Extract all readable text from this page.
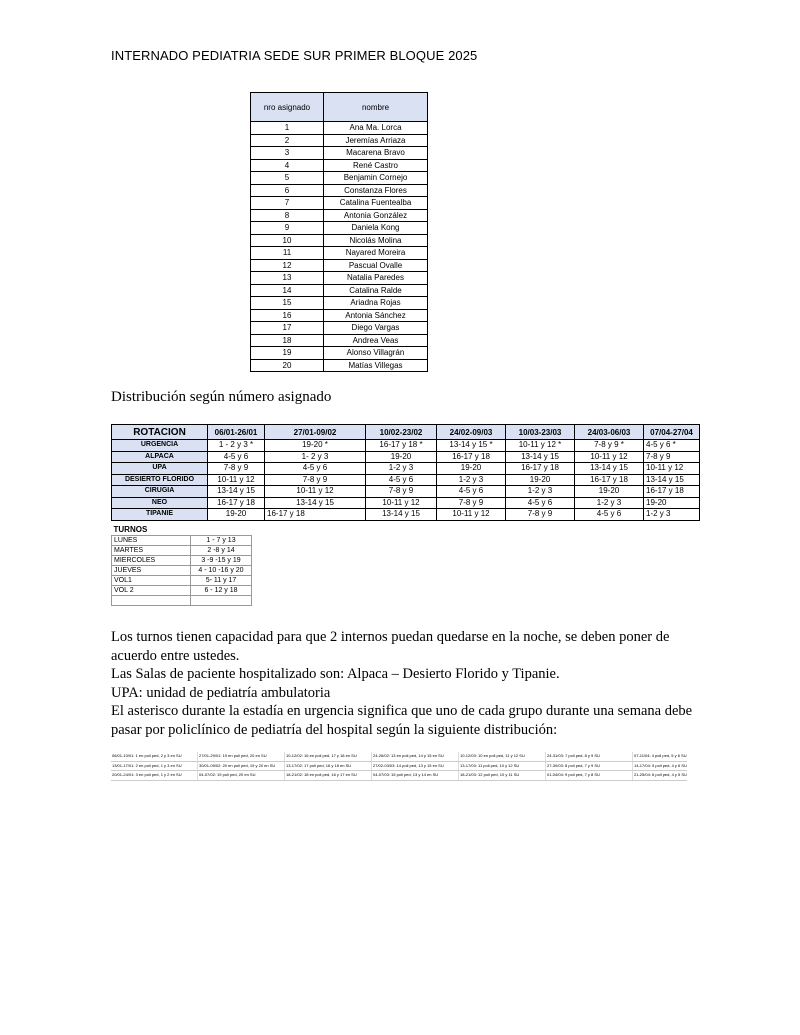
INTERNADO PEDIATRIA SEDE SUR PRIMER BLOQUE 2025
nro asignado	nombre
1	Ana Ma. Lorca
2	Jeremías Arriaza
3	Macarena Bravo
4	René Castro
5	Benjamin Cornejo
6	Constanza Flores
7	Catalina Fuentealba
8	Antonia González
9	Daniela Kong
10	Nicolás Molina
11	Nayared Moreira
12	Pascual Ovalle
13	Natalia Paredes
14	Catalina Ralde
15	Ariadna Rojas
16	Antonia Sánchez
17	Diego Vargas
18	Andrea Veas
19	Alonso Villagrán
20	Matías Villegas
Distribución según número asignado
ROTACION	06/01-26/01	27/01-09/02	10/02-23/02	24/02-09/03	10/03-23/03	24/03-06/03	07/04-27/04
URGENCIA	1 - 2 y 3 *	19-20 *	16-17 y 18 *	13-14 y 15 *	10-11 y 12 *	7-8 y 9 *	4-5 y 6 *
ALPACA	4-5 y 6	1- 2 y 3	19-20	16-17 y 18	13-14 y 15	10-11 y 12	7-8 y 9
UPA	7-8 y 9	4-5 y 6	1-2 y 3	19-20	16-17 y 18	13-14 y 15	10-11 y 12
DESIERTO FLORIDO	10-11 y 12	7-8 y 9	4-5 y 6	1-2 y 3	19-20	16-17 y 18	13-14 y 15
CIRUGIA	13-14 y 15	10-11 y 12	7-8 y 9	4-5 y 6	1-2 y 3	19-20	16-17 y 18
NEO	16-17 y 18	13-14 y 15	10-11 y 12	7-8 y 9	4-5 y 6	1-2 y 3	19-20
TIPANIE	19-20	16-17 y 18	13-14 y 15	10-11 y 12	7-8 y 9	4-5 y 6	1-2 y 3
TURNOS	
LUNES	1 - 7 y 13
MARTES	2 -8 y 14
MIERCOLES	3 -9 -15 y 19
JUEVES	4 - 10 -16 y 20
VOL1	5- 11 y 17
VOL 2	6 - 12 y 18

Los turnos tienen capacidad para que 2 internos puedan quedarse en la noche, se deben poner de acuerdo entre ustedes.

Las Salas de paciente hospitalizado son: Alpaca – Desierto Florido y Tipanie.

UPA: unidad de pediatría ambulatoria

El asterisco durante la estadía en urgencia significa que uno de cada grupo durante una semana debe pasar por policlínico de pediatría del hospital según la siguiente distribución:

06/01-10/01: 1 en poli ped, 2 y 3 en SU	27/01-29/01: 19 en poli ped, 20 en SU	10-12/02: 16 en poli ped, 17 y 18 en SU	24-26/02: 13 en poli ped, 14 y 15 en SU	10-12/03: 10 en poli ped, 11 y 12 SU	24-31/03: 7 poli ped, 8 y 9 SU	07-11/04: 4 poli ped, 5 y 6 SU
13/01-17/01: 2 en poli ped, 1 y 3 en SU	30/01-09/02: 20 en poli ped, 19 y 20 en SU	13-17/02: 17 poli ped, 16 y 18 en SU	27/02-03/03: 14 poli ped, 13 y 15 en SU	13-17/03: 11 poli ped, 10 y 12 SU	27-30/03: 8 poli ped, 7 y 9 SU	14-17/04: 5 poli ped, 4 y 6 SU
20/01-24/01: 3 en poli ped, 1 y 2 en SU	04-07/02: 19 poli ped, 20 en SU	18-21/02: 18 en poli ped, 16 y 17 en SU	04-07/03: 15 poli ped, 13 y 14 en SU	18-21/03: 12 poli ped, 10 y 11 SU	01-04/04: 9 poli ped, 7 y 8 SU	21-25/04: 6 poli ped, 4 y 5 SU
